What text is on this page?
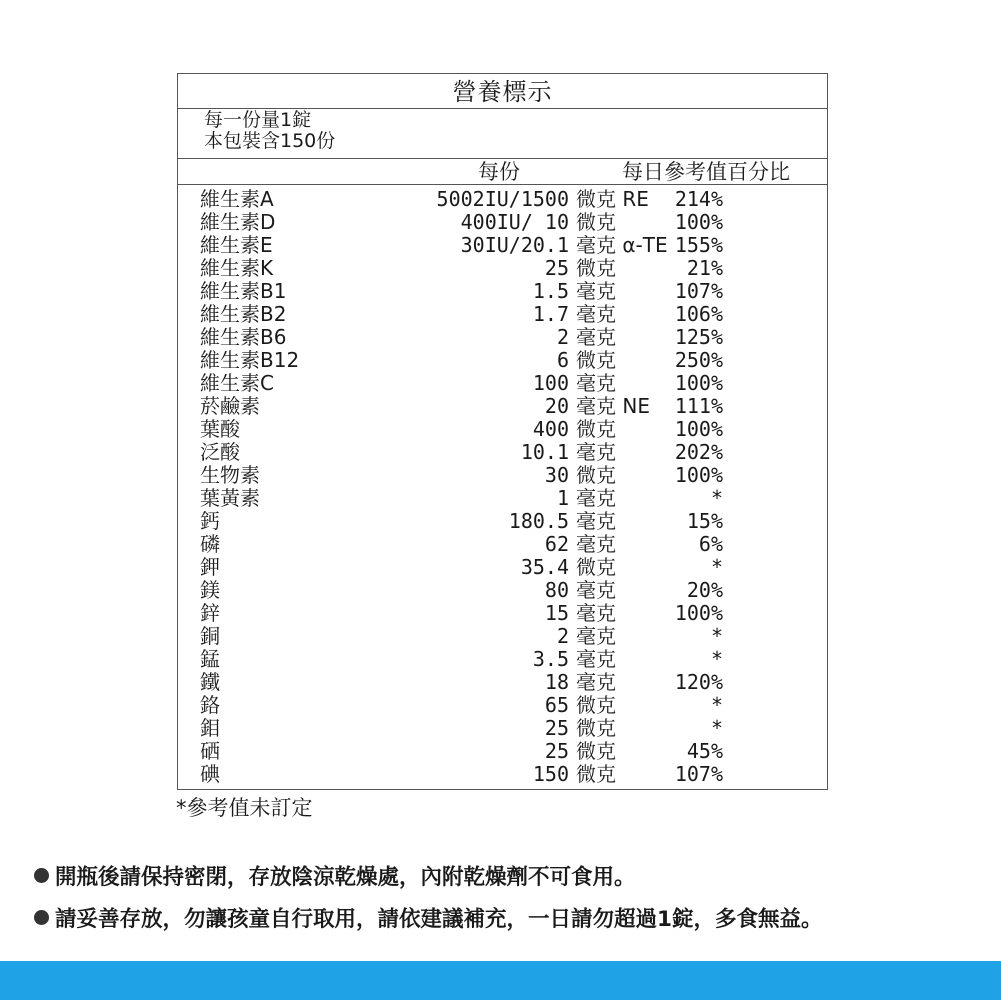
營養標示
每一份量1錠
本包裝含150份
每份	每日參考值百分比
維生素A	5002IU/1500 微克 RE 214%
維生素D	400IU/ 10 微克	100%
維生素E	30IU/20.1 毫克 α-TE 155%
維生素K	25 微克	21%
維生素B1	1.5 毫克	107%
維生素B2	1.7 毫克	106%
維生素B6	2 毫克	125%
維生素B12	6 微克	250%
維生素C	100 毫克	100%
菸鹼素	20 毫克 NE 111%
葉酸	400 微克	100%
泛酸	10.1 毫克	202%
生物素	30 微克	100%
葉黃素	1 毫克	*
鈣	180.5 毫克	15%
磷	62 毫克	6%
鉀	35.4 微克	*
鎂	80 毫克	20%
鋅	15 毫克	100%
銅	2 毫克	*
錳	3.5 毫克	*
鐵	18 毫克	120%
鉻	65 微克	*
鉬	25 微克	*
硒	25 微克	45%
碘	150 微克	107%
*參考值未訂定
開瓶後請保持密閉，存放陰涼乾燥處，內附乾燥劑不可食用。
請妥善存放，勿讓孩童自行取用，請依建議補充，一日請勿超過1錠，多食無益。
